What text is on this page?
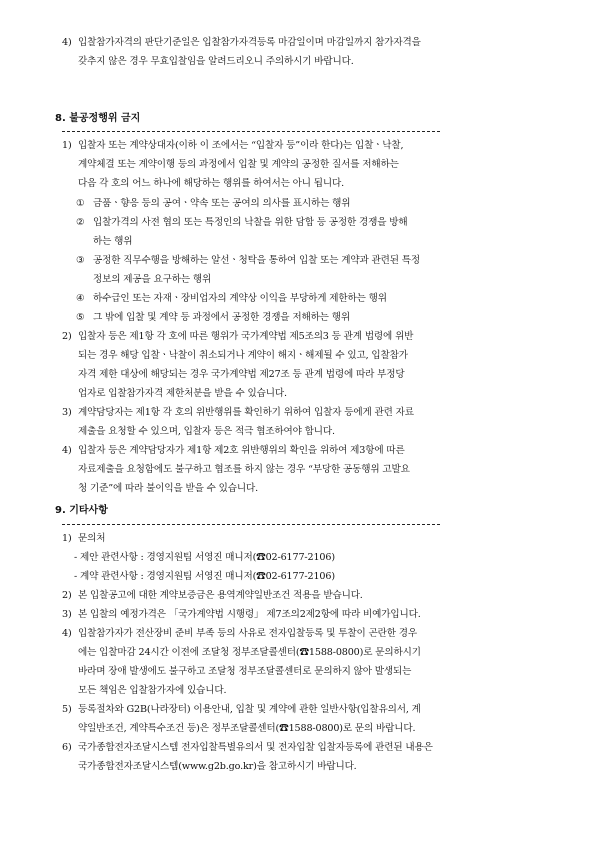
4) 입찰참가자격의 판단기준일은 입찰참가자격등록 마감일이며 마감일까지 참가자격을
갖추지 않은 경우 무효입찰임을 알려드리오니 주의하시기 바랍니다.
8. 불공정행위 금지
1) 입찰자 또는 계약상대자(이하 이 조에서는 “입찰자 등”이라 한다)는 입찰ㆍ낙찰,
계약체결 또는 계약이행 등의 과정에서 입찰 및 계약의 공정한 질서를 저해하는
다음 각 호의 어느 하나에 해당하는 행위를 하여서는 아니 됩니다.
① 금품ㆍ향응 등의 공여ㆍ약속 또는 공여의 의사를 표시하는 행위
② 입찰가격의 사전 협의 또는 특정인의 낙찰을 위한 담합 등 공정한 경쟁을 방해
하는 행위
③ 공정한 직무수행을 방해하는 알선ㆍ청탁을 통하여 입찰 또는 계약과 관련된 특정
정보의 제공을 요구하는 행위
④ 하수급인 또는 자재ㆍ장비업자의 계약상 이익을 부당하게 제한하는 행위
⑤ 그 밖에 입찰 및 계약 등 과정에서 공정한 경쟁을 저해하는 행위
2) 입찰자 등은 제1항 각 호에 따른 행위가 국가계약법 제5조의3 등 관계 법령에 위반
되는 경우 해당 입찰ㆍ낙찰이 취소되거나 계약이 해지ㆍ해제될 수 있고, 입찰참가
자격 제한 대상에 해당되는 경우 국가계약법 제27조 등 관계 법령에 따라 부정당
업자로 입찰참가자격 제한처분을 받을 수 있습니다.
3) 계약담당자는 제1항 각 호의 위반행위를 확인하기 위하여 입찰자 등에게 관련 자료
제출을 요청할 수 있으며, 입찰자 등은 적극 협조하여야 합니다.
4) 입찰자 등은 계약담당자가 제1항 제2호 위반행위의 확인을 위하여 제3항에 따른
자료제출을 요청함에도 불구하고 협조를 하지 않는 경우 “부당한 공동행위 고발요
청 기준”에 따라 불이익을 받을 수 있습니다.
9. 기타사항
1) 문의처
- 제안 관련사항 : 경영지원팀 서영진 매니저(☎02-6177-2106)
- 계약 관련사항 : 경영지원팀 서영진 매니저(☎02-6177-2106)
2) 본 입찰공고에 대한 계약보증금은 용역계약일반조건 적용을 받습니다.
3) 본 입찰의 예정가격은 「국가계약법 시행령」 제7조의2제2항에 따라 비예가입니다.
4) 입찰참가자가 전산장비 준비 부족 등의 사유로 전자입찰등록 및 투찰이 곤란한 경우
에는 입찰마감 24시간 이전에 조달청 정부조달콜센터(☎1588-0800)로 문의하시기
바라며 장애 발생에도 불구하고 조달청 정부조달콜센터로 문의하지 않아 발생되는
모든 책임은 입찰참가자에 있습니다.
5) 등록절차와 G2B(나라장터) 이용안내, 입찰 및 계약에 관한 일반사항(입찰유의서, 계
약일반조건, 계약특수조건 등)은 정부조달콜센터(☎1588-0800)로 문의 바랍니다.
6) 국가종합전자조달시스템 전자입찰특별유의서 및 전자입찰 입찰자등록에 관련된 내용은
국가종합전자조달시스템(www.g2b.go.kr)을 참고하시기 바랍니다.
